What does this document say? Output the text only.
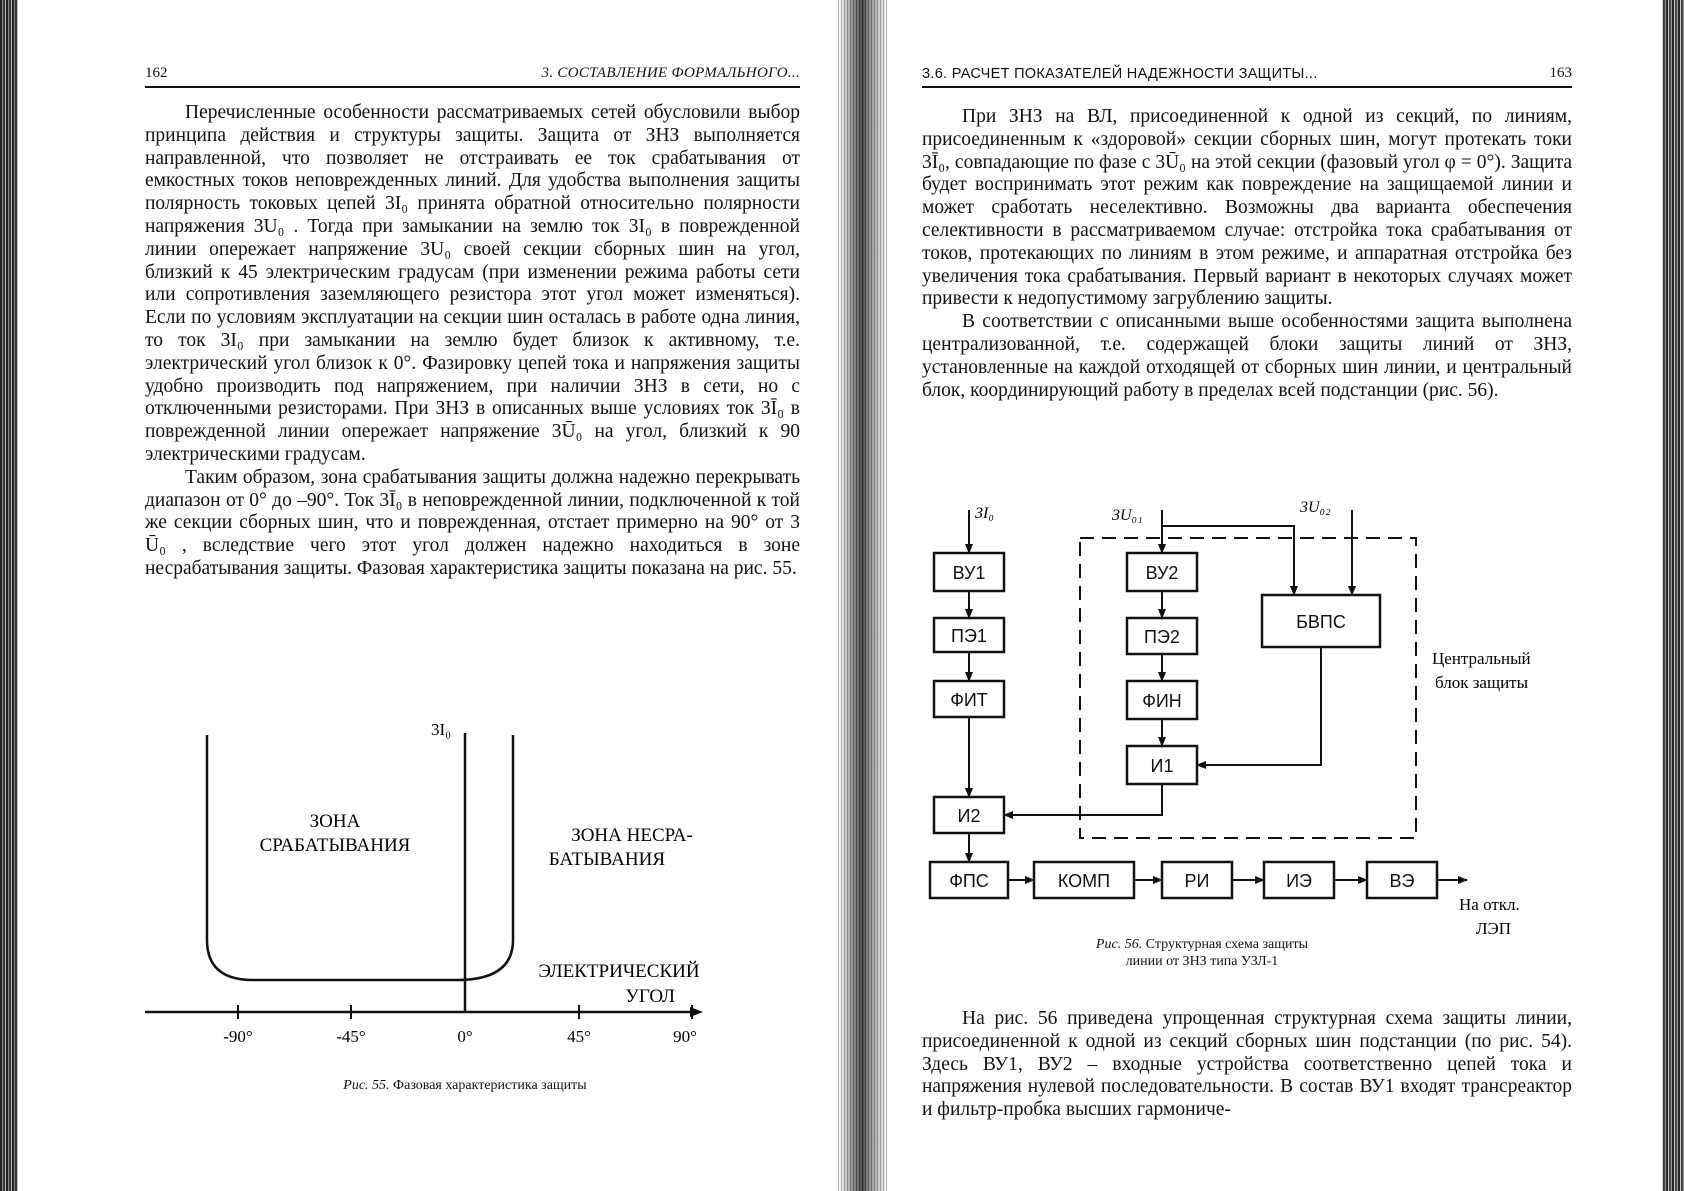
162	3. СОСТАВЛЕНИЕ ФОРМАЛЬНОГО...

Перечисленные особенности рассматриваемых сетей обусловили выбор принципа действия и структуры защиты. Защита от ЗНЗ выполняется направленной, что позволяет не отстраивать ее ток срабатывания от емкостных токов неповрежденных линий. Для удобства выполнения защиты полярность токовых цепей 3I₀ принята обратной относительно полярности напряжения 3U₀ . Тогда при замыкании на землю ток 3I₀ в поврежденной линии опережает напряжение 3U₀ своей секции сборных шин на угол, близкий к 45 электрическим градусам (при изменении режима работы сети или сопротивления заземляющего резистора этот угол может изменяться). Если по условиям эксплуатации на секции шин осталась в работе одна линия, то ток 3I₀ при замыкании на землю будет близок к активному, т.е. электрический угол близок к 0°. Фазировку цепей тока и напряжения защиты удобно производить под напряжением, при наличии ЗНЗ в сети, но с отключенными резисторами. При ЗНЗ в описанных выше условиях ток 3Ī₀ в поврежденной линии опережает напряжение 3Ū₀ на угол, близкий к 90 электрическими градусам.

Таким образом, зона срабатывания защиты должна надежно перекрывать диапазон от 0° до –90°. Ток 3Ī₀ в неповрежденной линии, подключенной к той же секции сборных шин, что и поврежденная, отстает примерно на 90° от 3 Ū₀ , вследствие чего этот угол должен надежно находиться в зоне несрабатывания защиты. Фазовая характеристика защиты показана на рис. 55.

3I₀
-90°	-45°	0°	45°	90°
ЗОНА
СРАБАТЫВАНИЯ	ЗОНА НЕСРА-
БАТЫВАНИЯ
ЭЛЕКТРИЧЕСКИЙ
УГОЛ
Рис. 55. Фазовая характеристика защиты
3.6. РАСЧЕТ ПОКАЗАТЕЛЕЙ НАДЕЖНОСТИ ЗАЩИТЫ...	163

При ЗНЗ на ВЛ, присоединенной к одной из секций, по линиям, присоединенным к «здоровой» секции сборных шин, могут протекать токи 3Ī₀, совпадающие по фазе с 3Ū₀ на этой секции (фазовый угол φ = 0°). Защита будет воспринимать этот режим как повреждение на защищаемой линии и может сработать неселективно. Возможны два варианта обеспечения селективности в рассматриваемом случае: отстройка тока срабатывания от токов, протекающих по линиям в этом режиме, и аппаратная отстройка без увеличения тока срабатывания. Первый вариант в некоторых случаях может привести к недопустимому загрублению защиты.

В соответствии с описанными выше особенностями защита выполнена централизованной, т.е. содержащей блоки защиты линий от ЗНЗ, установленные на каждой отходящей от сборных шин линии, и центральный блок, координирующий работу в пределах всей подстанции (рис. 56).

3I₀	3U₀₁	3U₀₂
ВУ1
ПЭ1
ФИТ
И2
ВУ2
ПЭ2
ФИН
И1
БВПС
ФПС	КОМП	РИ	ИЭ	ВЭ
Центральный
блок защиты
На откл.
ЛЭП
Рис. 56. Структурная схема защиты
линии от ЗНЗ типа УЗЛ-1

На рис. 56 приведена упрощенная структурная схема защиты линии, присоединенной к одной из секций сборных шин подстанции (по рис. 54). Здесь ВУ1, ВУ2 – входные устройства соответственно цепей тока и напряжения нулевой последовательности. В состав ВУ1 входят трансреактор и фильтр-пробка высших гармониче-
